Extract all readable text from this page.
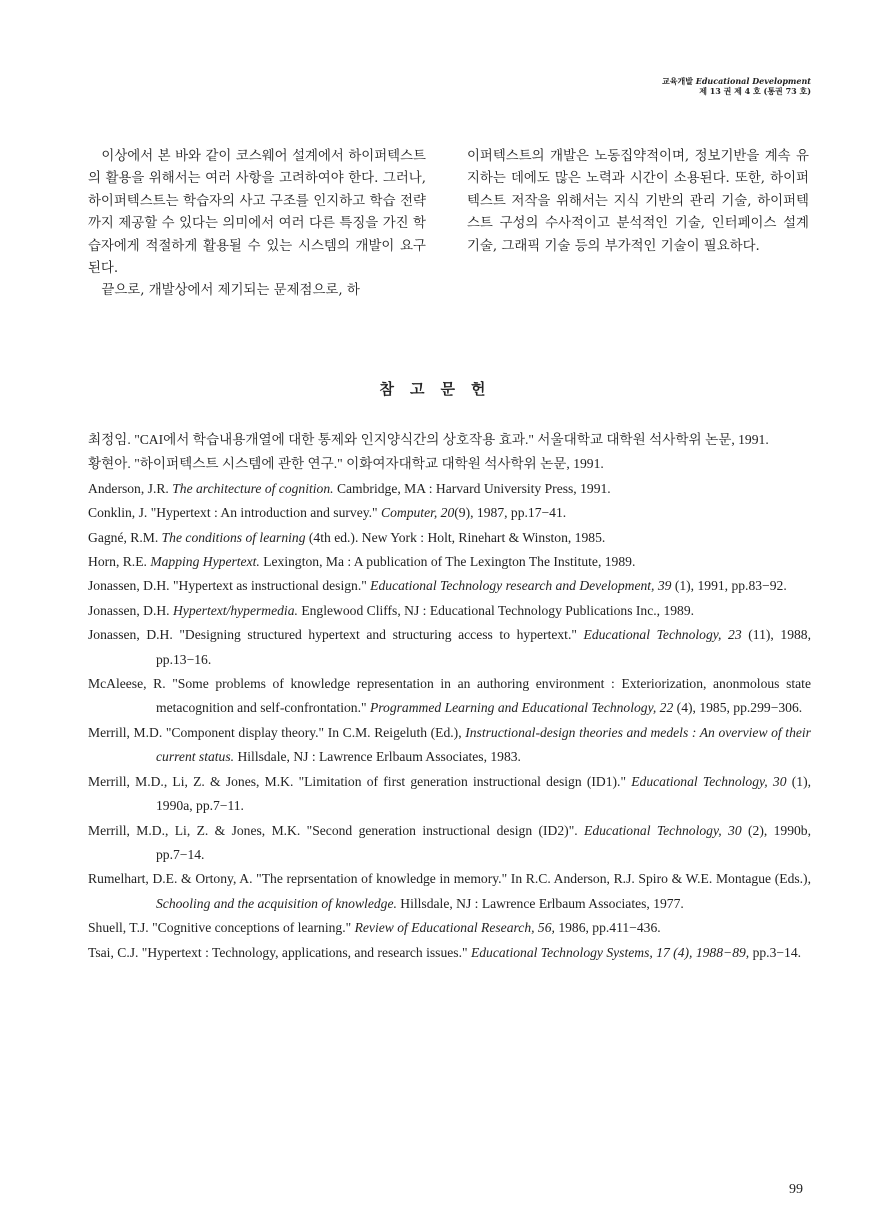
교육개발 Educational Development
제 13 권 제 4 호 (통권 73 호)

이상에서 본 바와 같이 코스웨어 설계에서 하이퍼텍스트의 활용을 위해서는 여러 사항을 고려하여야 한다. 그러나, 하이퍼텍스트는 학습자의 사고 구조를 인지하고 학습 전략까지 제공할 수 있다는 의미에서 여러 다른 특징을 가진 학습자에게 적절하게 활용될 수 있는 시스템의 개발이 요구된다.

끝으로, 개발상에서 제기되는 문제점으로, 하

이퍼텍스트의 개발은 노동집약적이며, 정보기반을 계속 유지하는 데에도 많은 노력과 시간이 소용된다. 또한, 하이퍼텍스트 저작을 위해서는 지식 기반의 관리 기술, 하이퍼텍스트 구성의 수사적이고 분석적인 기술, 인터페이스 설계 기술, 그래픽 기술 등의 부가적인 기술이 필요하다.

참고문헌
최정임. "CAI에서 학습내용개열에 대한 통제와 인지양식간의 상호작용 효과." 서울대학교 대학원 석사학위 논문, 1991.
황현아. "하이퍼텍스트 시스템에 관한 연구." 이화여자대학교 대학원 석사학위 논문, 1991.
Anderson, J.R. The architecture of cognition. Cambridge, MA : Harvard University Press, 1991.
Conklin, J. "Hypertext : An introduction and survey." Computer, 20(9), 1987, pp.17−41.
Gagné, R.M. The conditions of learning (4th ed.). New York : Holt, Rinehart & Winston, 1985.
Horn, R.E. Mapping Hypertext. Lexington, Ma : A publication of The Lexington The Institute, 1989.
Jonassen, D.H. "Hypertext as instructional design." Educational Technology research and Development, 39 (1), 1991, pp.83−92.
Jonassen, D.H. Hypertext/hypermedia. Englewood Cliffs, NJ : Educational Technology Publications Inc., 1989.
Jonassen, D.H. "Designing structured hypertext and structuring access to hypertext." Educational Technology, 23 (11), 1988, pp.13−16.
McAleese, R. "Some problems of knowledge representation in an authoring environment : Exteriorization, anonmolous state metacognition and self-confrontation." Programmed Learning and Educational Technology, 22 (4), 1985, pp.299−306.
Merrill, M.D. "Component display theory." In C.M. Reigeluth (Ed.), Instructional-design theories and medels : An overview of their current status. Hillsdale, NJ : Lawrence Erlbaum Associates, 1983.
Merrill, M.D., Li, Z. & Jones, M.K. "Limitation of first generation instructional design (ID1)." Educational Technology, 30 (1), 1990a, pp.7−11.
Merrill, M.D., Li, Z. & Jones, M.K. "Second generation instructional design (ID2)". Educational Technology, 30 (2), 1990b, pp.7−14.
Rumelhart, D.E. & Ortony, A. "The reprsentation of knowledge in memory." In R.C. Anderson, R.J. Spiro & W.E. Montague (Eds.), Schooling and the acquisition of knowledge. Hillsdale, NJ : Lawrence Erlbaum Associates, 1977.
Shuell, T.J. "Cognitive conceptions of learning." Review of Educational Research, 56, 1986, pp.411−436.
Tsai, C.J. "Hypertext : Technology, applications, and research issues." Educational Technology Systems, 17 (4), 1988−89, pp.3−14.
99
